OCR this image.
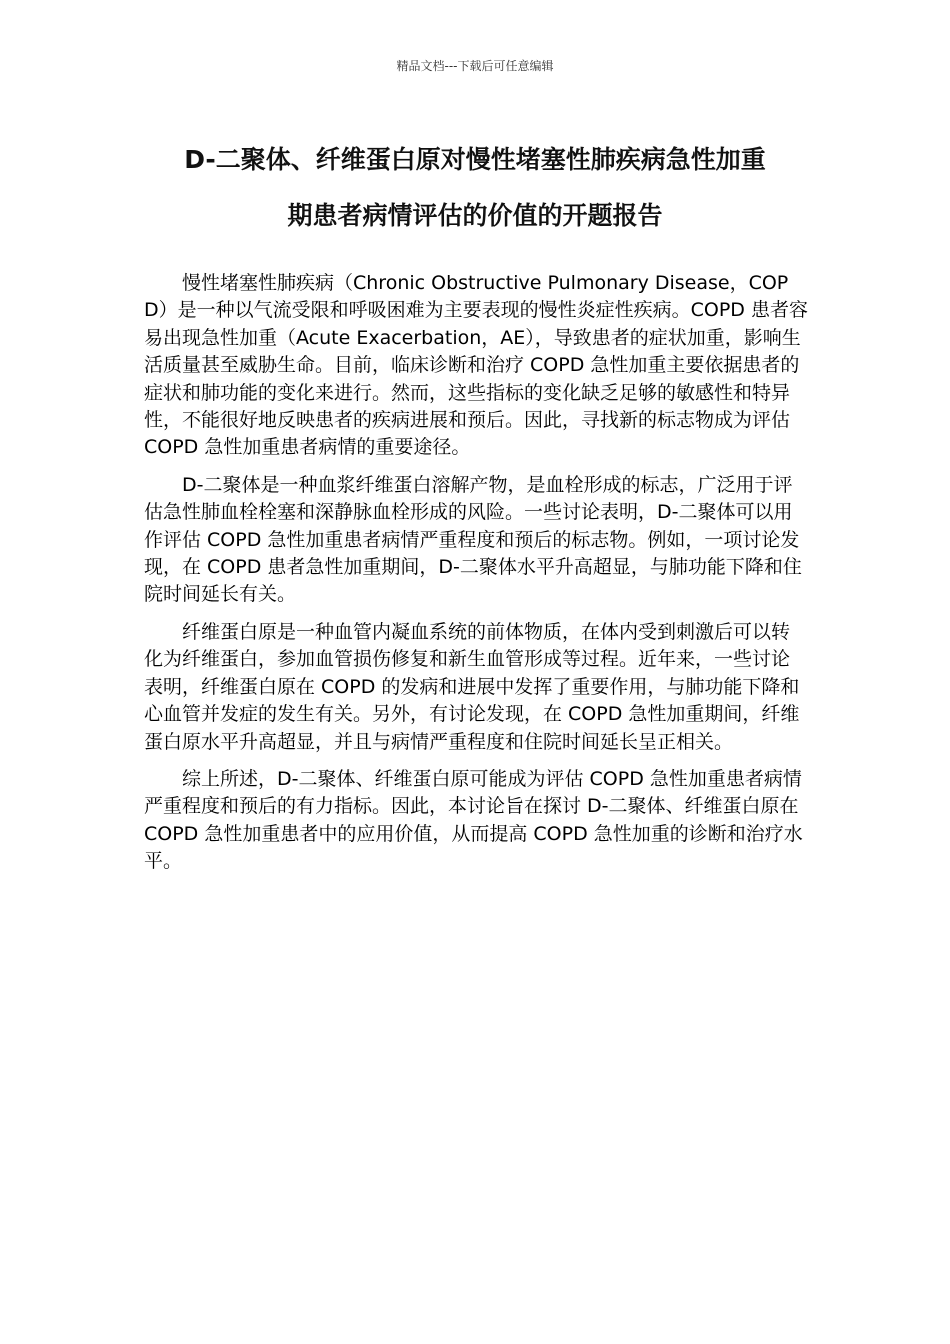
精品文档---下载后可任意编辑
D-二聚体、纤维蛋白原对慢性堵塞性肺疾病急性加重
期患者病情评估的价值的开题报告

慢性堵塞性肺疾病（Chronic Obstructive Pulmonary Disease，COPD）是一种以气流受限和呼吸困难为主要表现的慢性炎症性疾病。COPD 患者容易出现急性加重（Acute Exacerbation，AE），导致患者的症状加重，影响生活质量甚至威胁生命。目前，临床诊断和治疗 COPD 急性加重主要依据患者的症状和肺功能的变化来进行。然而，这些指标的变化缺乏足够的敏感性和特异性，不能很好地反映患者的疾病进展和预后。因此，寻找新的标志物成为评估 COPD 急性加重患者病情的重要途径。

D-二聚体是一种血浆纤维蛋白溶解产物，是血栓形成的标志，广泛用于评估急性肺血栓栓塞和深静脉血栓形成的风险。一些讨论表明，D-二聚体可以用作评估 COPD 急性加重患者病情严重程度和预后的标志物。例如，一项讨论发现，在 COPD 患者急性加重期间，D-二聚体水平升高超显，与肺功能下降和住院时间延长有关。

纤维蛋白原是一种血管内凝血系统的前体物质，在体内受到刺激后可以转化为纤维蛋白，参加血管损伤修复和新生血管形成等过程。近年来，一些讨论表明，纤维蛋白原在 COPD 的发病和进展中发挥了重要作用，与肺功能下降和心血管并发症的发生有关。另外，有讨论发现，在 COPD 急性加重期间，纤维蛋白原水平升高超显，并且与病情严重程度和住院时间延长呈正相关。

综上所述，D-二聚体、纤维蛋白原可能成为评估 COPD 急性加重患者病情严重程度和预后的有力指标。因此，本讨论旨在探讨 D-二聚体、纤维蛋白原在 COPD 急性加重患者中的应用价值，从而提高 COPD 急性加重的诊断和治疗水平。
